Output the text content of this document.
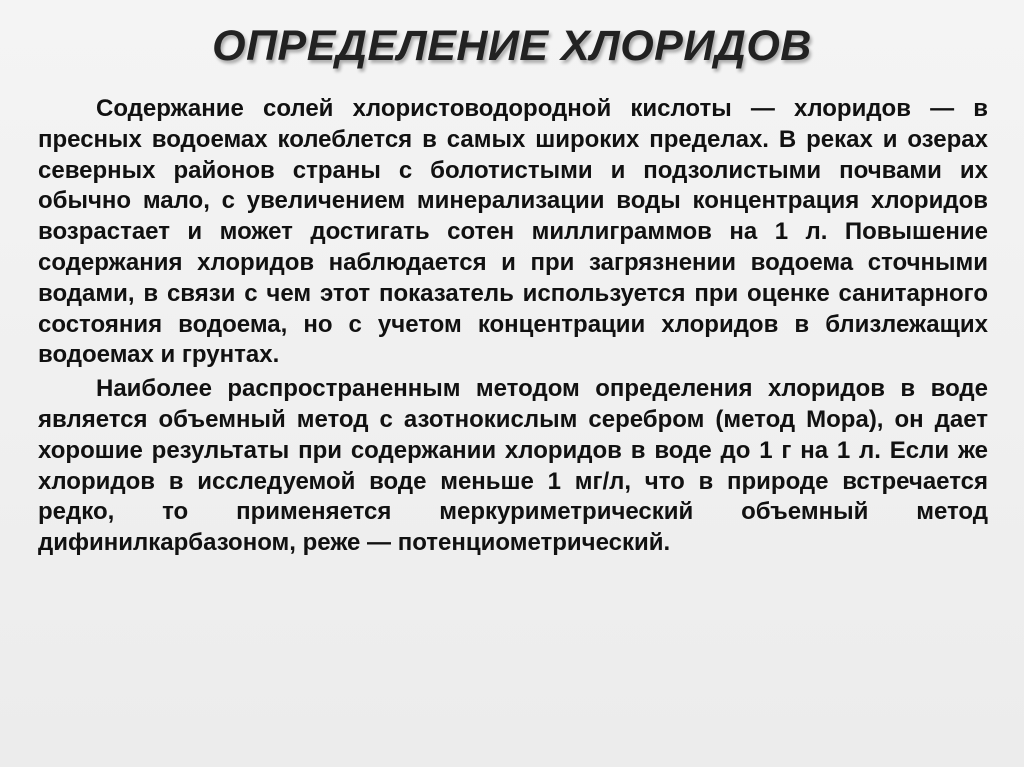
ОПРЕДЕЛЕНИЕ ХЛОРИДОВ

Содержание солей хлористоводородной кислоты — хлоридов — в пресных водоемах колеблется в самых широких пределах. В реках и озерах северных районов страны с болотистыми и подзолистыми почвами их обычно мало, с увеличением минерализации воды концентрация хлоридов возрастает и может достигать сотен миллиграммов на 1 л. Повышение содержания хлоридов наблюдается и при загрязнении водоема сточными водами, в связи с чем этот показатель используется при оценке санитарного состояния водоема, но с учетом концентрации хлоридов в близлежащих водоемах и грунтах.

Наиболее распространенным методом определения хлоридов в воде является объемный метод с азотнокислым серебром (метод Мора), он дает хорошие результаты при содержании хлоридов в воде до 1 г на 1 л. Если же хлоридов в исследуемой воде меньше 1 мг/л, что в природе встречается редко, то применяется меркуриметрический объемный метод дифинилкарбазоном, реже — потенциометрический.
